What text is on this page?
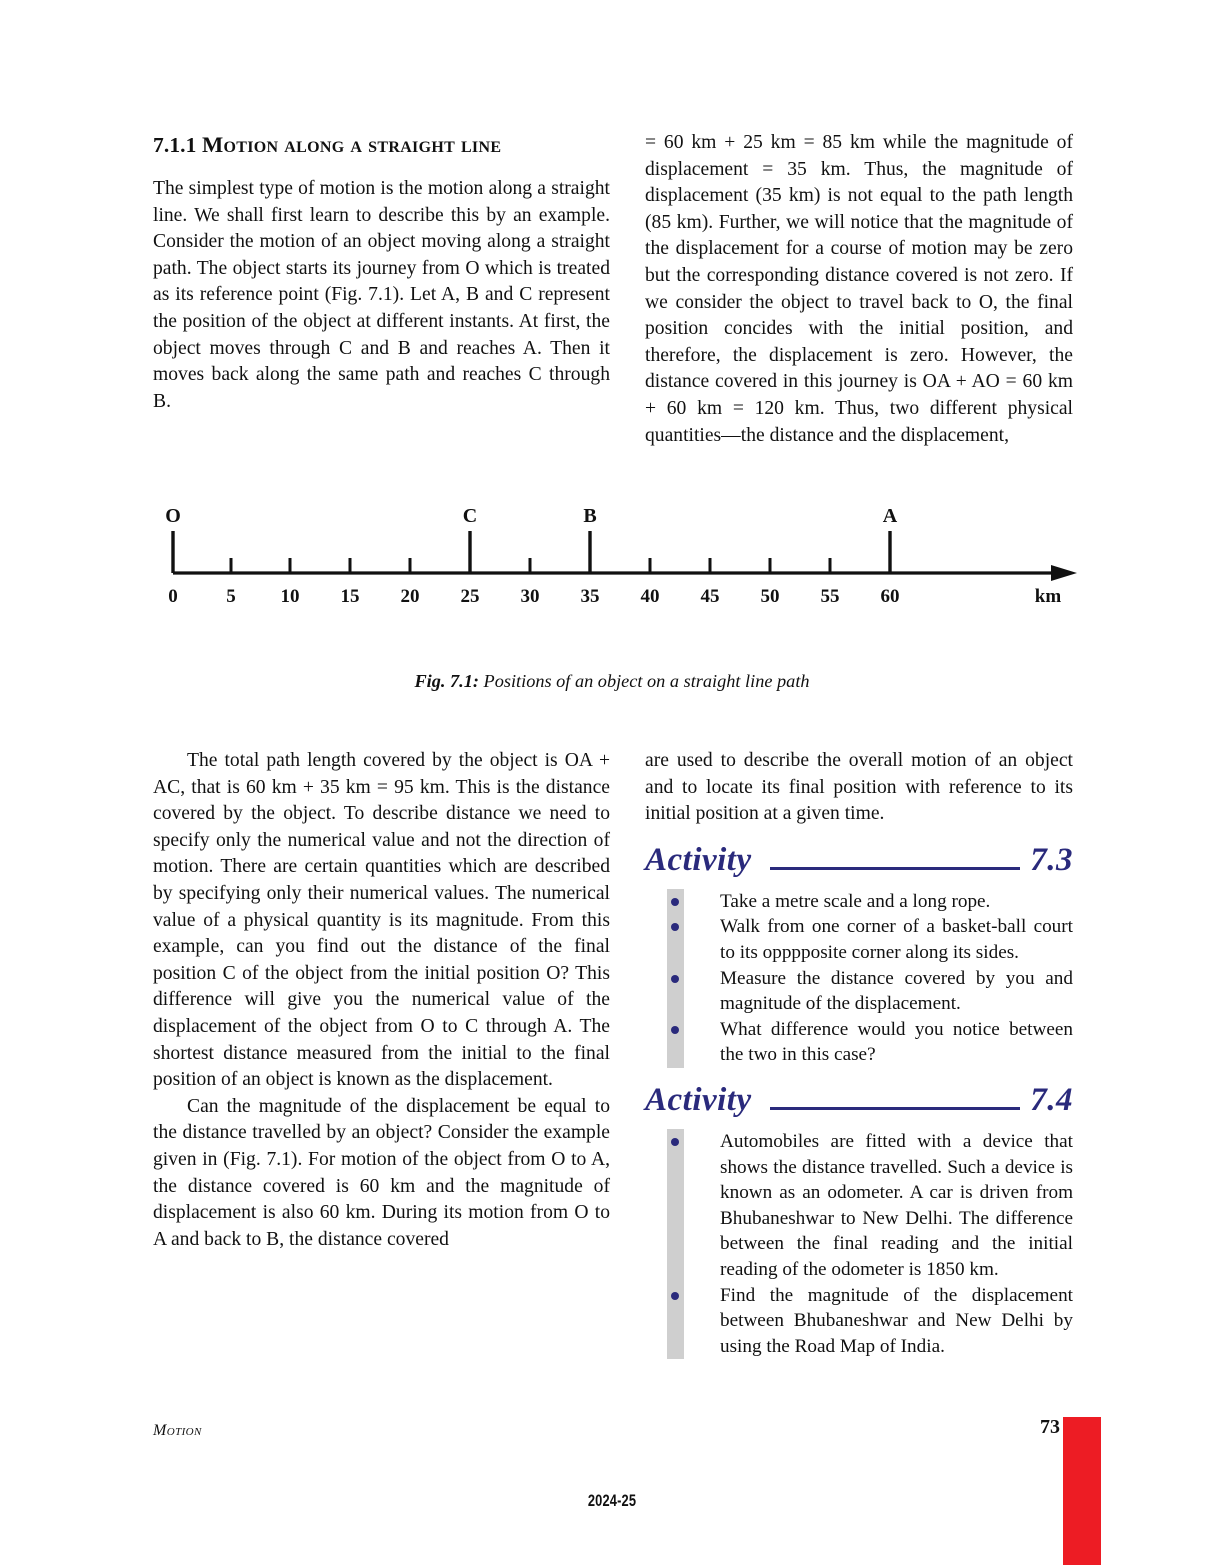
7.1.1 Motion along a straight line

The simplest type of motion is the motion along a straight line. We shall first learn to describe this by an example. Consider the motion of an object moving along a straight path. The object starts its journey from O which is treated as its reference point (Fig. 7.1). Let A, B and C represent the position of the object at different instants. At first, the object moves through C and B and reaches A. Then it moves back along the same path and reaches C through B.

= 60 km + 25 km = 85 km while the magnitude of displacement = 35 km. Thus, the magnitude of displacement (35 km) is not equal to the path length (85 km). Further, we will notice that the magnitude of the displacement for a course of motion may be zero but the corresponding distance covered is not zero. If we consider the object to travel back to O, the final position concides with the initial position, and therefore, the displacement is zero. However, the distance covered in this journey is OA + AO = 60 km + 60 km = 120 km. Thus, two different physical quantities—the distance and the displacement,

O	C	B	A
0	5 10 15 20 25 30 35 40 45 50 55 60	km
Fig. 7.1: Positions of an object on a straight line path

The total path length covered by the object is OA + AC, that is 60 km + 35 km = 95 km. This is the distance covered by the object. To describe distance we need to specify only the numerical value and not the direction of motion. There are certain quantities which are described by specifying only their numerical values. The numerical value of a physical quantity is its magnitude. From this example, can you find out the distance of the final position C of the object from the initial position O? This difference will give you the numerical value of the displacement of the object from O to C through A. The shortest distance measured from the initial to the final position of an object is known as the displacement.

Can the magnitude of the displacement be equal to the distance travelled by an object? Consider the example given in (Fig. 7.1). For motion of the object from O to A, the distance covered is 60 km and the magnitude of displacement is also 60 km. During its motion from O to A and back to B, the distance covered

are used to describe the overall motion of an object and to locate its final position with reference to its initial position at a given time.

Activity	7.3
Take a metre scale and a long rope.
Walk from one corner of a basket-ball court to its opppposite corner along its sides.
Measure the distance covered by you and magnitude of the displacement.
What difference would you notice between the two in this case?
Activity	7.4
Automobiles are fitted with a device that shows the distance travelled. Such a device is known as an odometer. A car is driven from Bhubaneshwar to New Delhi. The difference between the final reading and the initial reading of the odometer is 1850 km.
Find the magnitude of the displacement between Bhubaneshwar and New Delhi by using the Road Map of India.
Motion	73
2024-25
